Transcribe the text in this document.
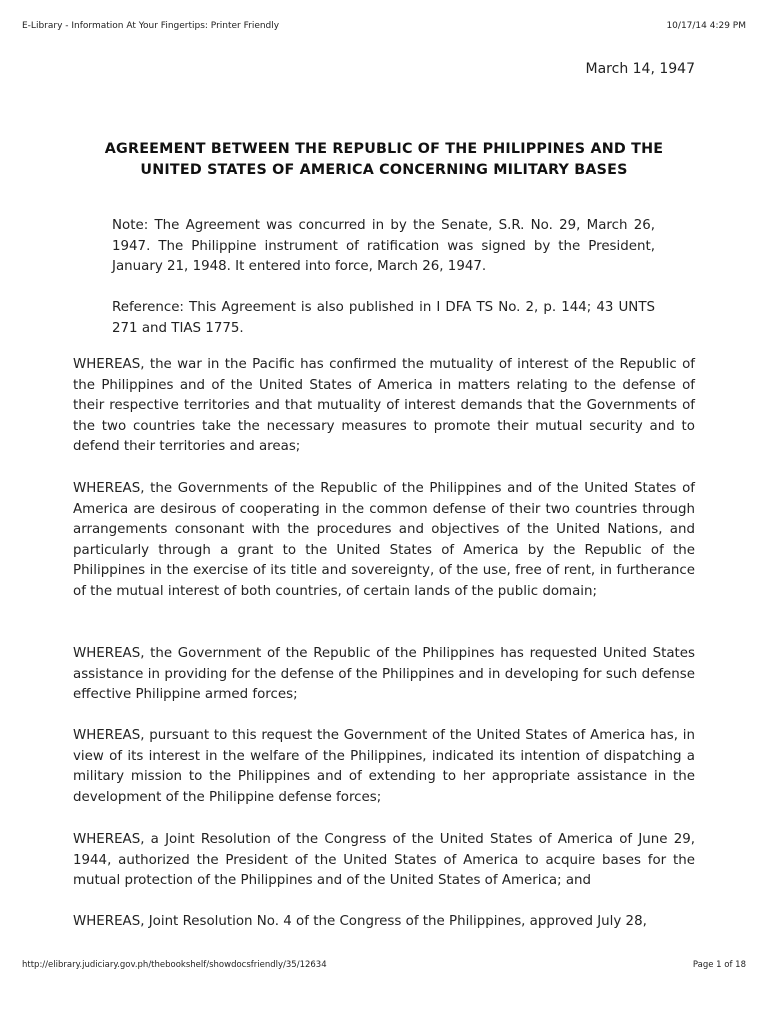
E-Library - Information At Your Fingertips: Printer Friendly	10/17/14 4:29 PM
March 14, 1947
AGREEMENT BETWEEN THE REPUBLIC OF THE PHILIPPINES AND THE UNITED STATES OF AMERICA CONCERNING MILITARY BASES
Note: The Agreement was concurred in by the Senate, S.R. No. 29, March 26, 1947. The Philippine instrument of ratification was signed by the President, January 21, 1948. It entered into force, March 26, 1947.
Reference: This Agreement is also published in I DFA TS No. 2, p. 144; 43 UNTS 271 and TIAS 1775.
WHEREAS, the war in the Pacific has confirmed the mutuality of interest of the Republic of the Philippines and of the United States of America in matters relating to the defense of their respective territories and that mutuality of interest demands that the Governments of the two countries take the necessary measures to promote their mutual security and to defend their territories and areas;
WHEREAS, the Governments of the Republic of the Philippines and of the United States of America are desirous of cooperating in the common defense of their two countries through arrangements consonant with the procedures and objectives of the United Nations, and particularly through a grant to the United States of America by the Republic of the Philippines in the exercise of its title and sovereignty, of the use, free of rent, in furtherance of the mutual interest of both countries, of certain lands of the public domain;
WHEREAS, the Government of the Republic of the Philippines has requested United States assistance in providing for the defense of the Philippines and in developing for such defense effective Philippine armed forces;
WHEREAS, pursuant to this request the Government of the United States of America has, in view of its interest in the welfare of the Philippines, indicated its intention of dispatching a military mission to the Philippines and of extending to her appropriate assistance in the development of the Philippine defense forces;
WHEREAS, a Joint Resolution of the Congress of the United States of America of June 29, 1944, authorized the President of the United States of America to acquire bases for the mutual protection of the Philippines and of the United States of America; and
WHEREAS, Joint Resolution No. 4 of the Congress of the Philippines, approved July 28,
http://elibrary.judiciary.gov.ph/thebookshelf/showdocsfriendly/35/12634	Page 1 of 18
